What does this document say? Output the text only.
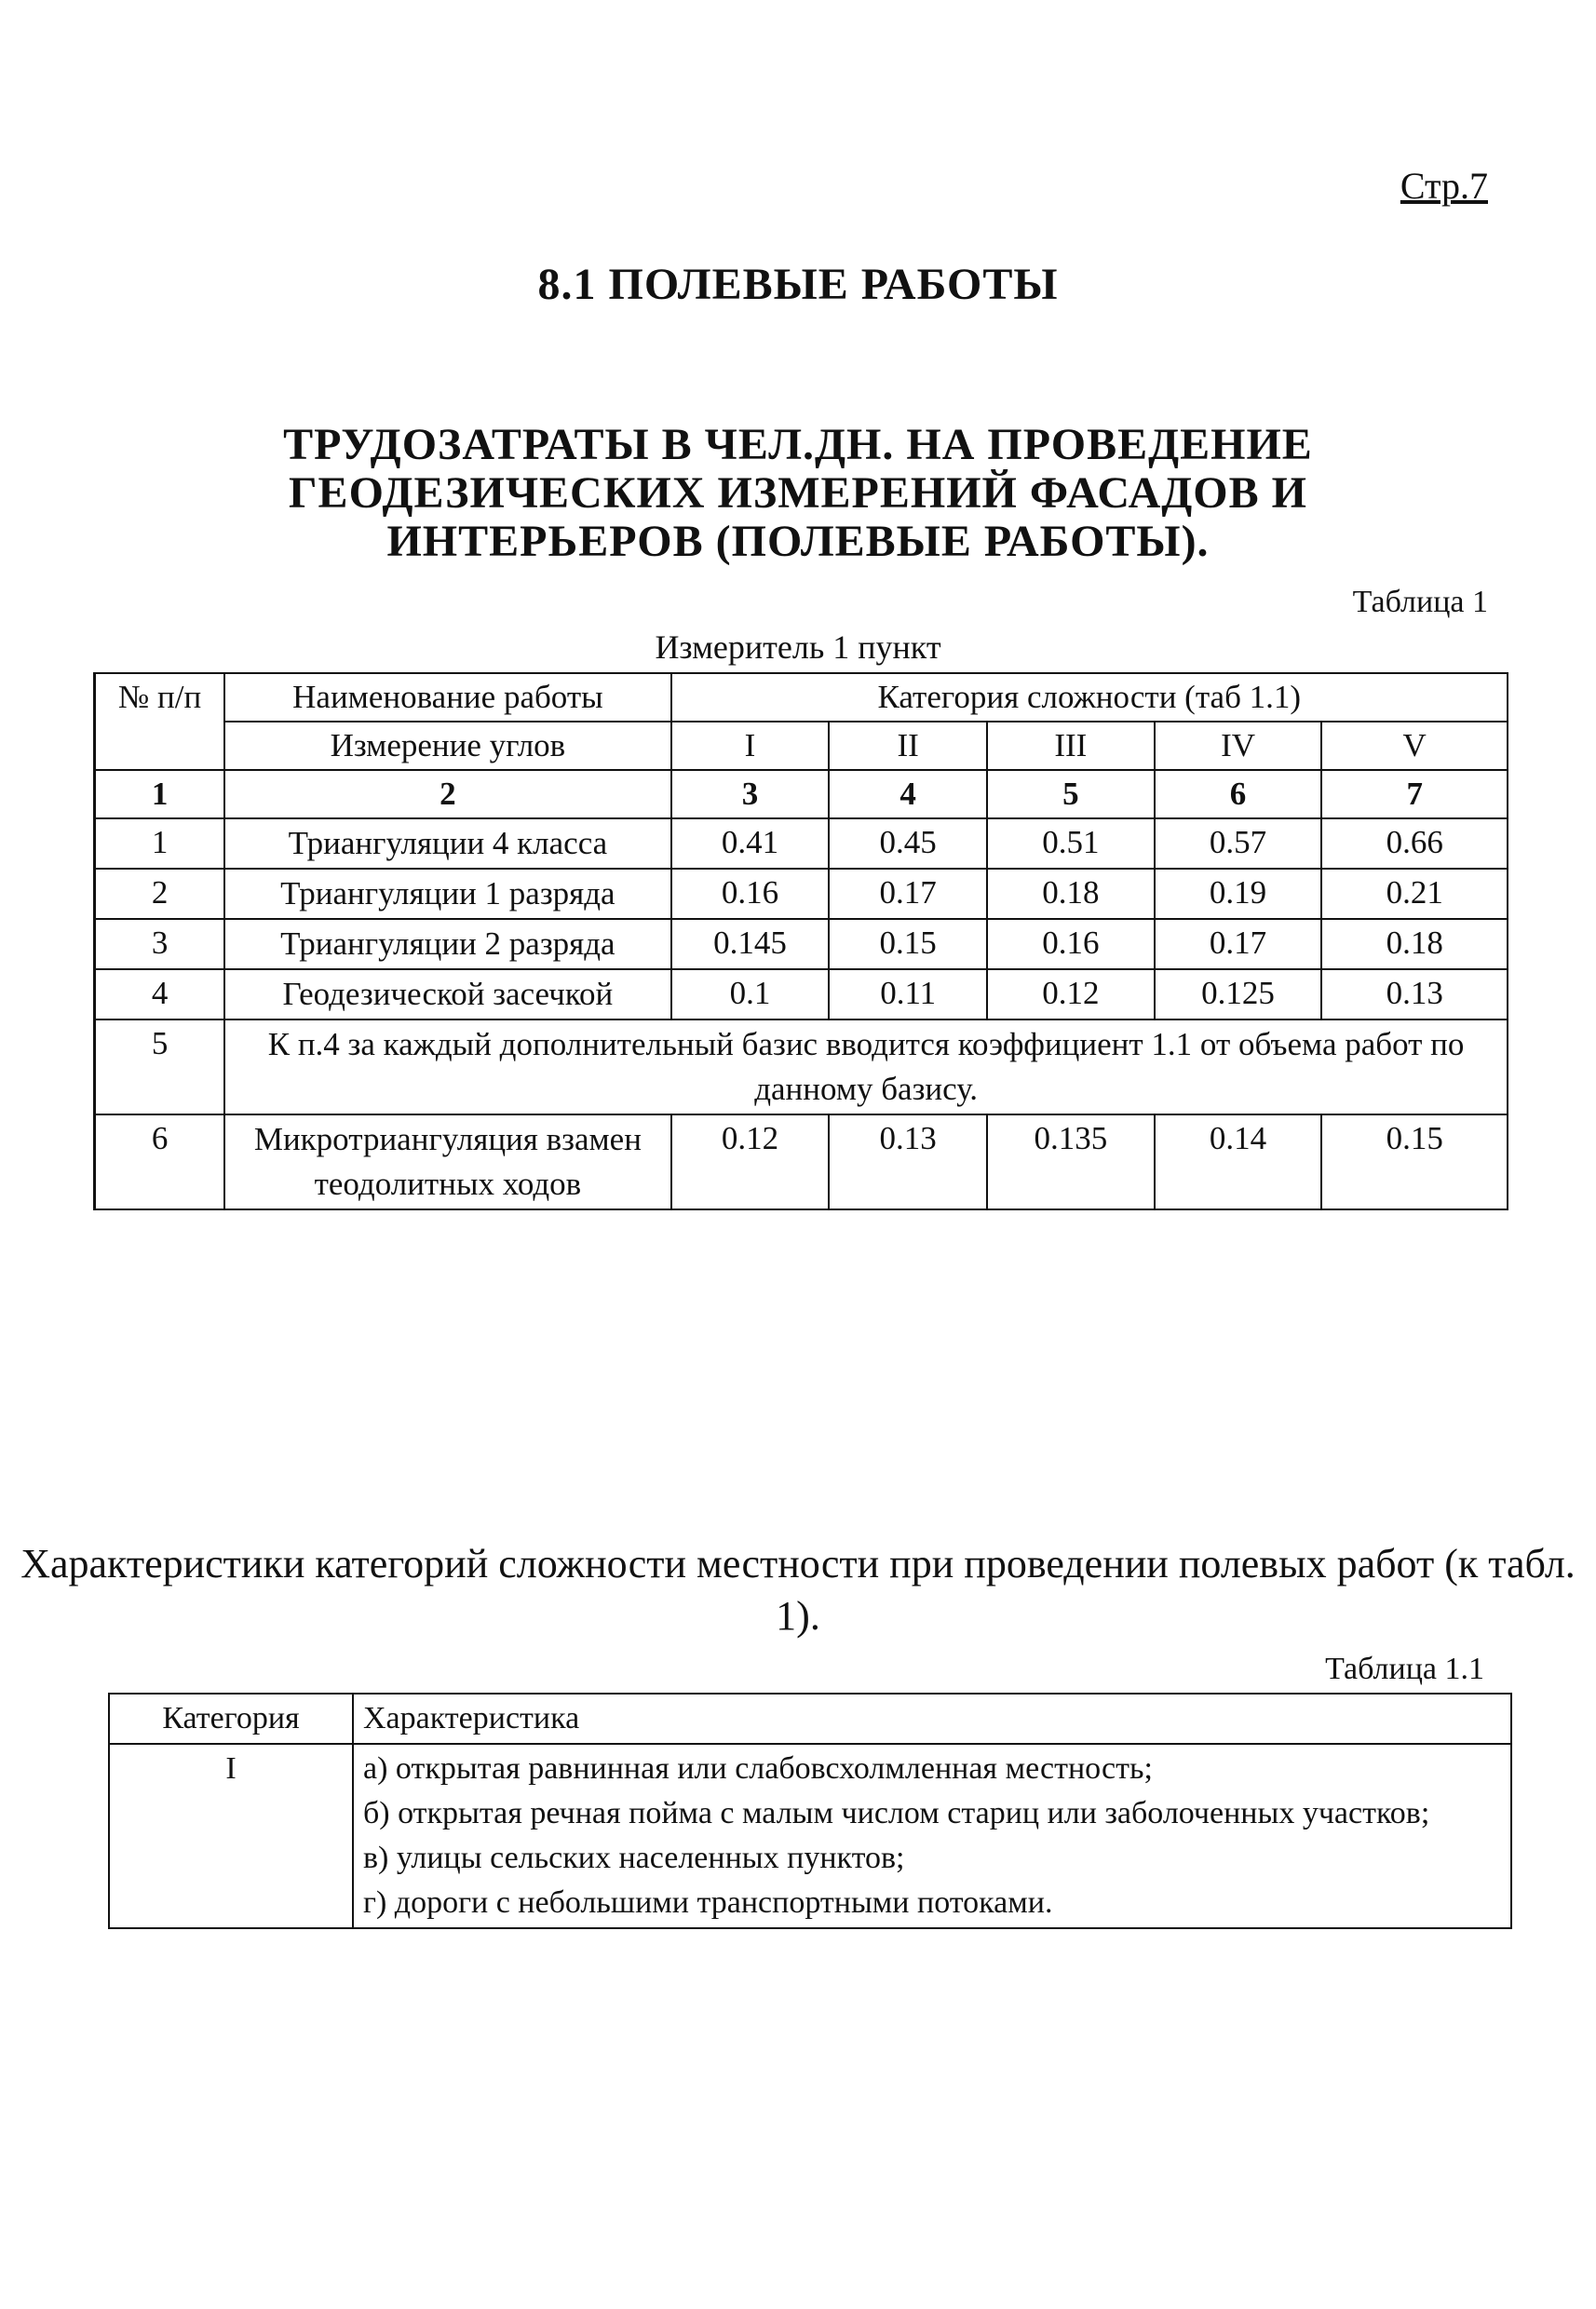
Стр.7
8.1 ПОЛЕВЫЕ РАБОТЫ
ТРУДОЗАТРАТЫ В ЧЕЛ.ДН. НА ПРОВЕДЕНИЕ ГЕОДЕЗИЧЕСКИХ ИЗМЕРЕНИЙ ФАСАДОВ И ИНТЕРЬЕРОВ (ПОЛЕВЫЕ РАБОТЫ).
Таблица 1
Измеритель 1 пункт
№ п/п	Наименование работы	Категория сложности (таб 1.1)				
	Измерение углов	I	II	III	IV	V
1	2	3	4	5	6	7
1	Триангуляции 4 класса	0.41	0.45	0.51	0.57	0.66
2	Триангуляции 1 разряда	0.16	0.17	0.18	0.19	0.21
3	Триангуляции 2 разряда	0.145	0.15	0.16	0.17	0.18
4	Геодезической засечкой	0.1	0.11	0.12	0.125	0.13
5	К п.4 за каждый дополнительный базис вводится коэффициент 1.1 от объема работ по данному базису.					
6	Микротриангуляция взамен теодолитных ходов	0.12	0.13	0.135	0.14	0.15
Характеристики категорий сложности местности при проведении полевых работ (к табл. 1).
Таблица 1.1
Категория	Характеристика
I	а) открытая равнинная или слабовсхолмленная местность;
б) открытая речная пойма с малым числом стариц или заболоченных участков;
в) улицы сельских населенных пунктов;
г) дороги с небольшими транспортными потоками.
